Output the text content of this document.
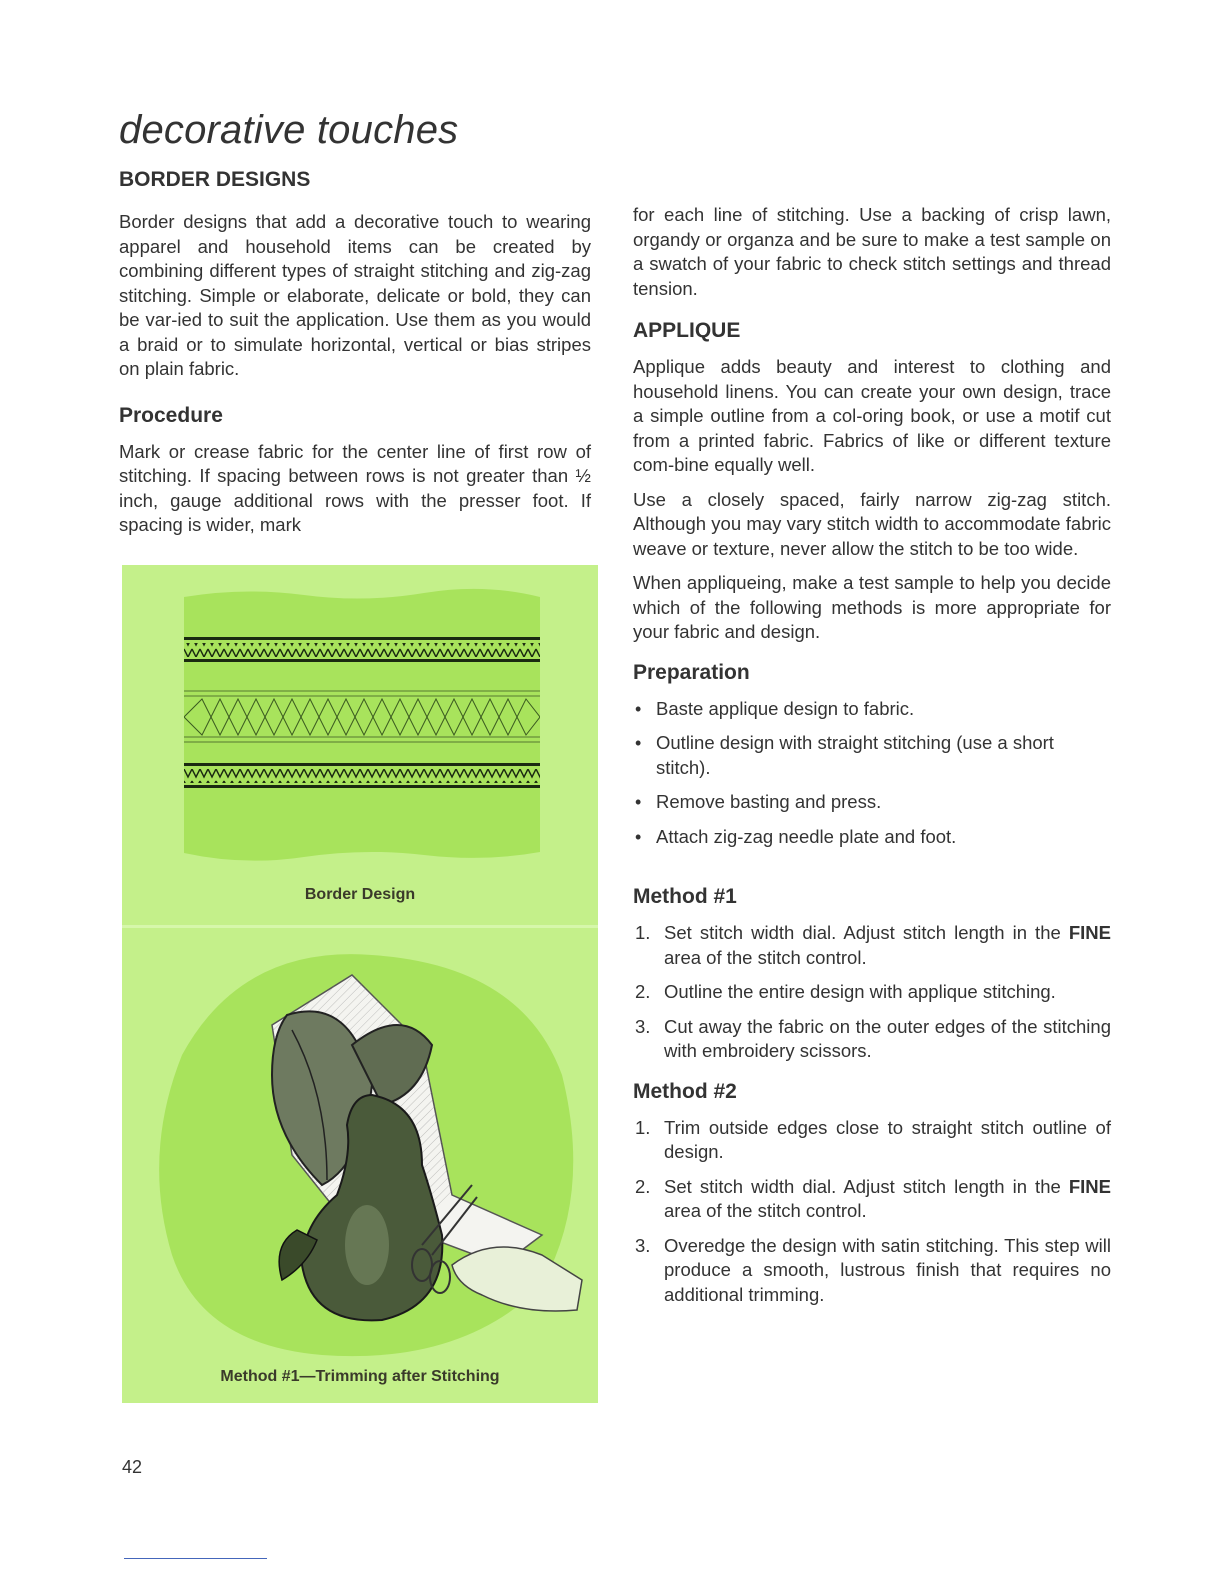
decorative touches
BORDER DESIGNS

Border designs that add a decorative touch to wearing apparel and household items can be created by combining different types of straight stitching and zig-zag stitching. Simple or elaborate, delicate or bold, they can be var-ied to suit the application. Use them as you would a braid or to simulate horizontal, vertical or bias stripes on plain fabric.

Procedure

Mark or crease fabric for the center line of first row of stitching. If spacing between rows is not greater than ½ inch, gauge additional rows with the presser foot. If spacing is wider, mark

Border Design
Method #1—Trimming after Stitching

for each line of stitching. Use a backing of crisp lawn, organdy or organza and be sure to make a test sample on a swatch of your fabric to check stitch settings and thread tension.

APPLIQUE

Applique adds beauty and interest to clothing and household linens. You can create your own design, trace a simple outline from a col-oring book, or use a motif cut from a printed fabric. Fabrics of like or different texture com-bine equally well.

Use a closely spaced, fairly narrow zig-zag stitch. Although you may vary stitch width to accommodate fabric weave or texture, never allow the stitch to be too wide.

When appliqueing, make a test sample to help you decide which of the following methods is more appropriate for your fabric and design.

Preparation
• Baste applique design to fabric.
• Outline design with straight stitching (use a short stitch).
• Remove basting and press.
• Attach zig-zag needle plate and foot.
Method #1
1. Set stitch width dial. Adjust stitch length in the FINE area of the stitch control.
2. Outline the entire design with applique stitching.
3. Cut away the fabric on the outer edges of the stitching with embroidery scissors.
Method #2
1. Trim outside edges close to straight stitch outline of design.
2. Set stitch width dial. Adjust stitch length in the FINE area of the stitch control.
3. Overedge the design with satin stitching. This step will produce a smooth, lustrous finish that requires no additional trimming.
42
